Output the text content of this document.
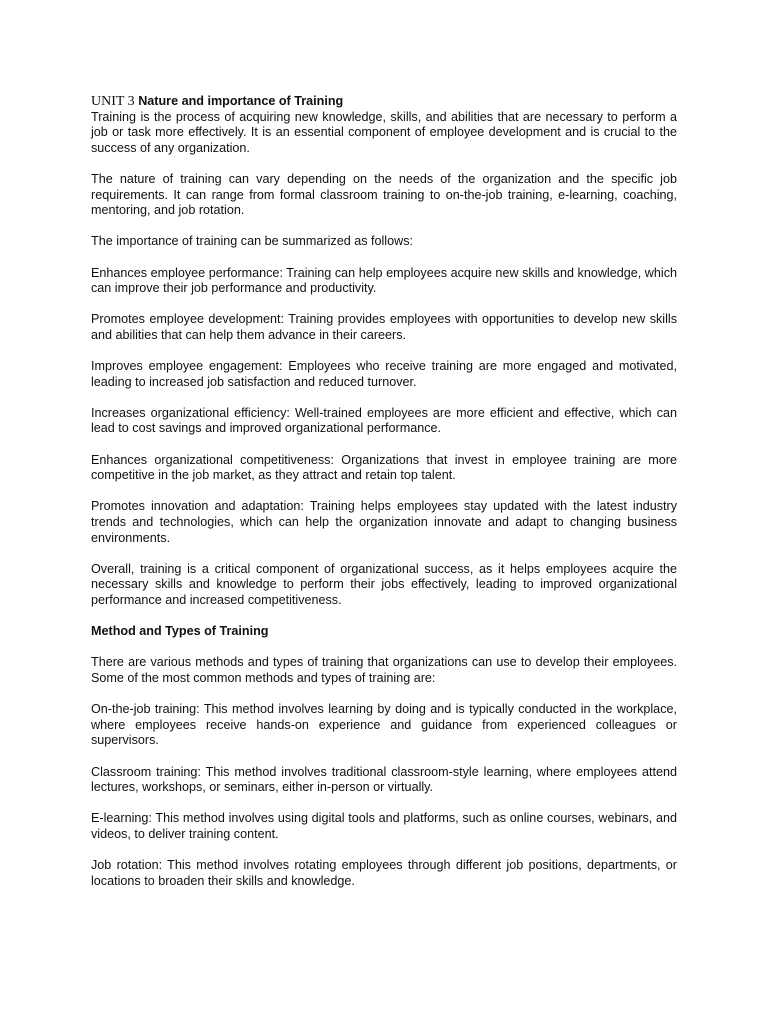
UNIT 3 Nature and importance of Training

Training is the process of acquiring new knowledge, skills, and abilities that are necessary to perform a job or task more effectively. It is an essential component of employee development and is crucial to the success of any organization.

The nature of training can vary depending on the needs of the organization and the specific job requirements. It can range from formal classroom training to on-the-job training, e-learning, coaching, mentoring, and job rotation.

The importance of training can be summarized as follows:

Enhances employee performance: Training can help employees acquire new skills and knowledge, which can improve their job performance and productivity.

Promotes employee development: Training provides employees with opportunities to develop new skills and abilities that can help them advance in their careers.

Improves employee engagement: Employees who receive training are more engaged and motivated, leading to increased job satisfaction and reduced turnover.

Increases organizational efficiency: Well-trained employees are more efficient and effective, which can lead to cost savings and improved organizational performance.

Enhances organizational competitiveness: Organizations that invest in employee training are more competitive in the job market, as they attract and retain top talent.

Promotes innovation and adaptation: Training helps employees stay updated with the latest industry trends and technologies, which can help the organization innovate and adapt to changing business environments.

Overall, training is a critical component of organizational success, as it helps employees acquire the necessary skills and knowledge to perform their jobs effectively, leading to improved organizational performance and increased competitiveness.

Method and Types of Training

There are various methods and types of training that organizations can use to develop their employees. Some of the most common methods and types of training are:

On-the-job training: This method involves learning by doing and is typically conducted in the workplace, where employees receive hands-on experience and guidance from experienced colleagues or supervisors.

Classroom training: This method involves traditional classroom-style learning, where employees attend lectures, workshops, or seminars, either in-person or virtually.

E-learning: This method involves using digital tools and platforms, such as online courses, webinars, and videos, to deliver training content.

Job rotation: This method involves rotating employees through different job positions, departments, or locations to broaden their skills and knowledge.
